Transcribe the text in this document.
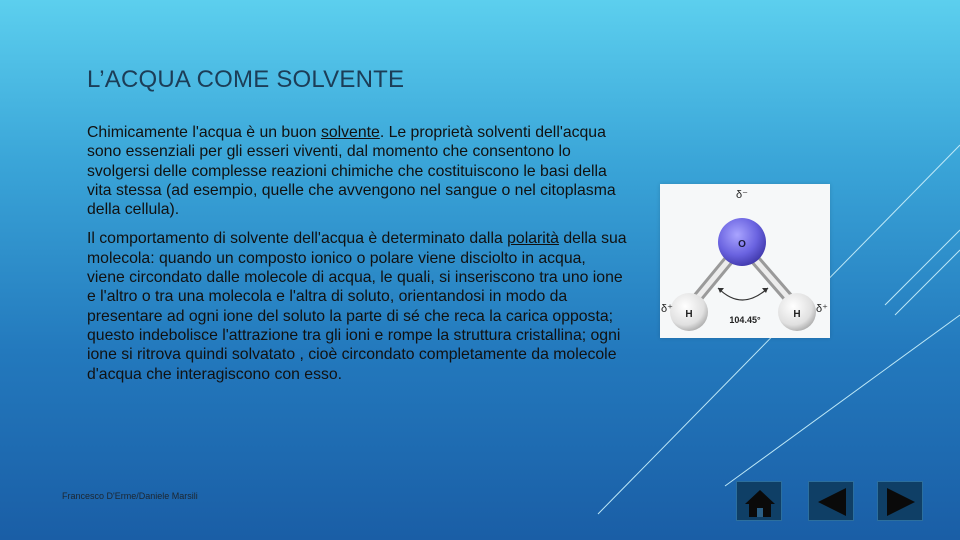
L’ACQUA COME SOLVENTE

Chimicamente l'acqua è un buon solvente. Le proprietà solventi dell'acqua sono essenziali per gli esseri viventi, dal momento che consentono lo svolgersi delle complesse reazioni chimiche che costituiscono le basi della vita stessa (ad esempio, quelle che avvengono nel sangue o nel citoplasma della cellula).

Il comportamento di solvente dell'acqua è determinato dalla polarità della sua molecola: quando un composto ionico o polare viene disciolto in acqua, viene circondato dalle molecole di acqua, le quali, si inseriscono tra uno ione e l'altro o tra una molecola e l'altra di soluto, orientandosi in modo da presentare ad ogni ione del soluto la parte di sé che reca la carica opposta; questo indebolisce l'attrazione tra gli ioni e rompe la struttura cristallina; ogni ione si ritrova quindi solvatato , cioè circondato completamente da molecole d'acqua che interagiscono con esso.

O
H	H
δ⁻
δ⁺	δ⁺
104.45°
Francesco D'Erme/Daniele Marsili
